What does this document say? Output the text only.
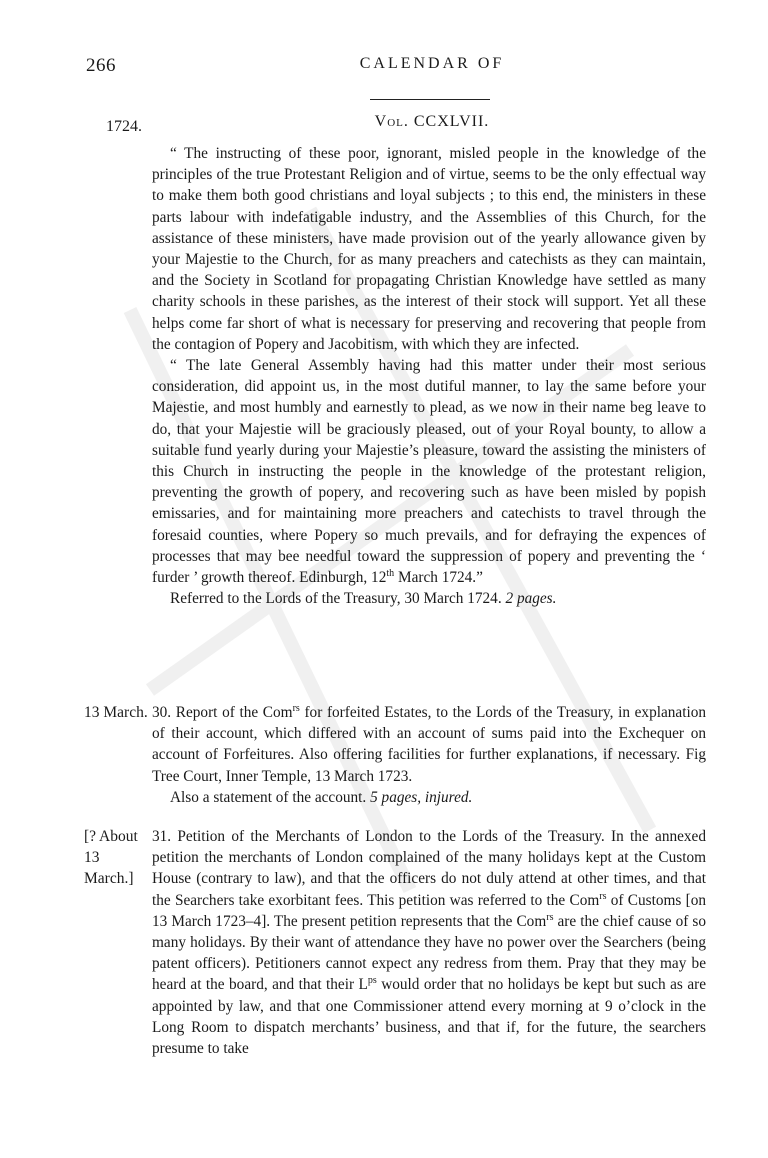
266	CALENDAR OF
Vol. CCXLVII.
1724.

“ The instructing of these poor, ignorant, misled people in the knowledge of the principles of the true Protestant Religion and of virtue, seems to be the only effectual way to make them both good christians and loyal subjects ; to this end, the ministers in these parts labour with indefatigable industry, and the Assemblies of this Church, for the assistance of these ministers, have made provision out of the yearly allowance given by your Majestie to the Church, for as many preachers and catechists as they can maintain, and the Society in Scotland for propagating Christian Knowledge have settled as many charity schools in these parishes, as the interest of their stock will support. Yet all these helps come far short of what is necessary for preserving and recovering that people from the contagion of Popery and Jacobitism, with which they are infected.

“ The late General Assembly having had this matter under their most serious consideration, did appoint us, in the most dutiful manner, to lay the same before your Majestie, and most humbly and earnestly to plead, as we now in their name beg leave to do, that your Majestie will be graciously pleased, out of your Royal bounty, to allow a suitable fund yearly during your Majestie’s pleasure, toward the assisting the ministers of this Church in instructing the people in the knowledge of the protestant religion, preventing the growth of popery, and recovering such as have been misled by popish emissaries, and for maintaining more preachers and catechists to travel through the foresaid counties, where Popery so much prevails, and for defraying the expences of processes that may bee needful toward the suppression of popery and preventing the ‘ furder ’ growth thereof. Edinburgh, 12th March 1724.”

Referred to the Lords of the Treasury, 30 March 1724. 2 pages.

13 March. 30. Report of the Com$^{rs}$ for forfeited Estates, to the Lords of the Treasury, in explanation of their account, which differed with an account of sums paid into the Exchequer on account of Forfeitures. Also offering facilities for further explanations, if necessary. Fig Tree Court, Inner Temple, 13 March 1723.

Also a statement of the account. 5 pages, injured.

[? About
13 March.]

31. Petition of the Merchants of London to the Lords of the Treasury. In the annexed petition the merchants of London complained of the many holidays kept at the Custom House (contrary to law), and that the officers do not duly attend at other times, and that the Searchers take exorbitant fees. This petition was referred to the Com$^{rs}$ of Customs [on 13 March 1723–4]. The present petition represents that the Com$^{rs}$ are the chief cause of so many holidays. By their want of attendance they have no power over the Searchers (being patent officers). Petitioners cannot expect any redress from them. Pray that they may be heard at the board, and that their $L^{ps}$ would order that no holidays be kept but such as are appointed by law, and that one Commissioner attend every morning at 9 o’clock in the Long Room to dispatch merchants’ business, and that if, for the future, the searchers presume to take
